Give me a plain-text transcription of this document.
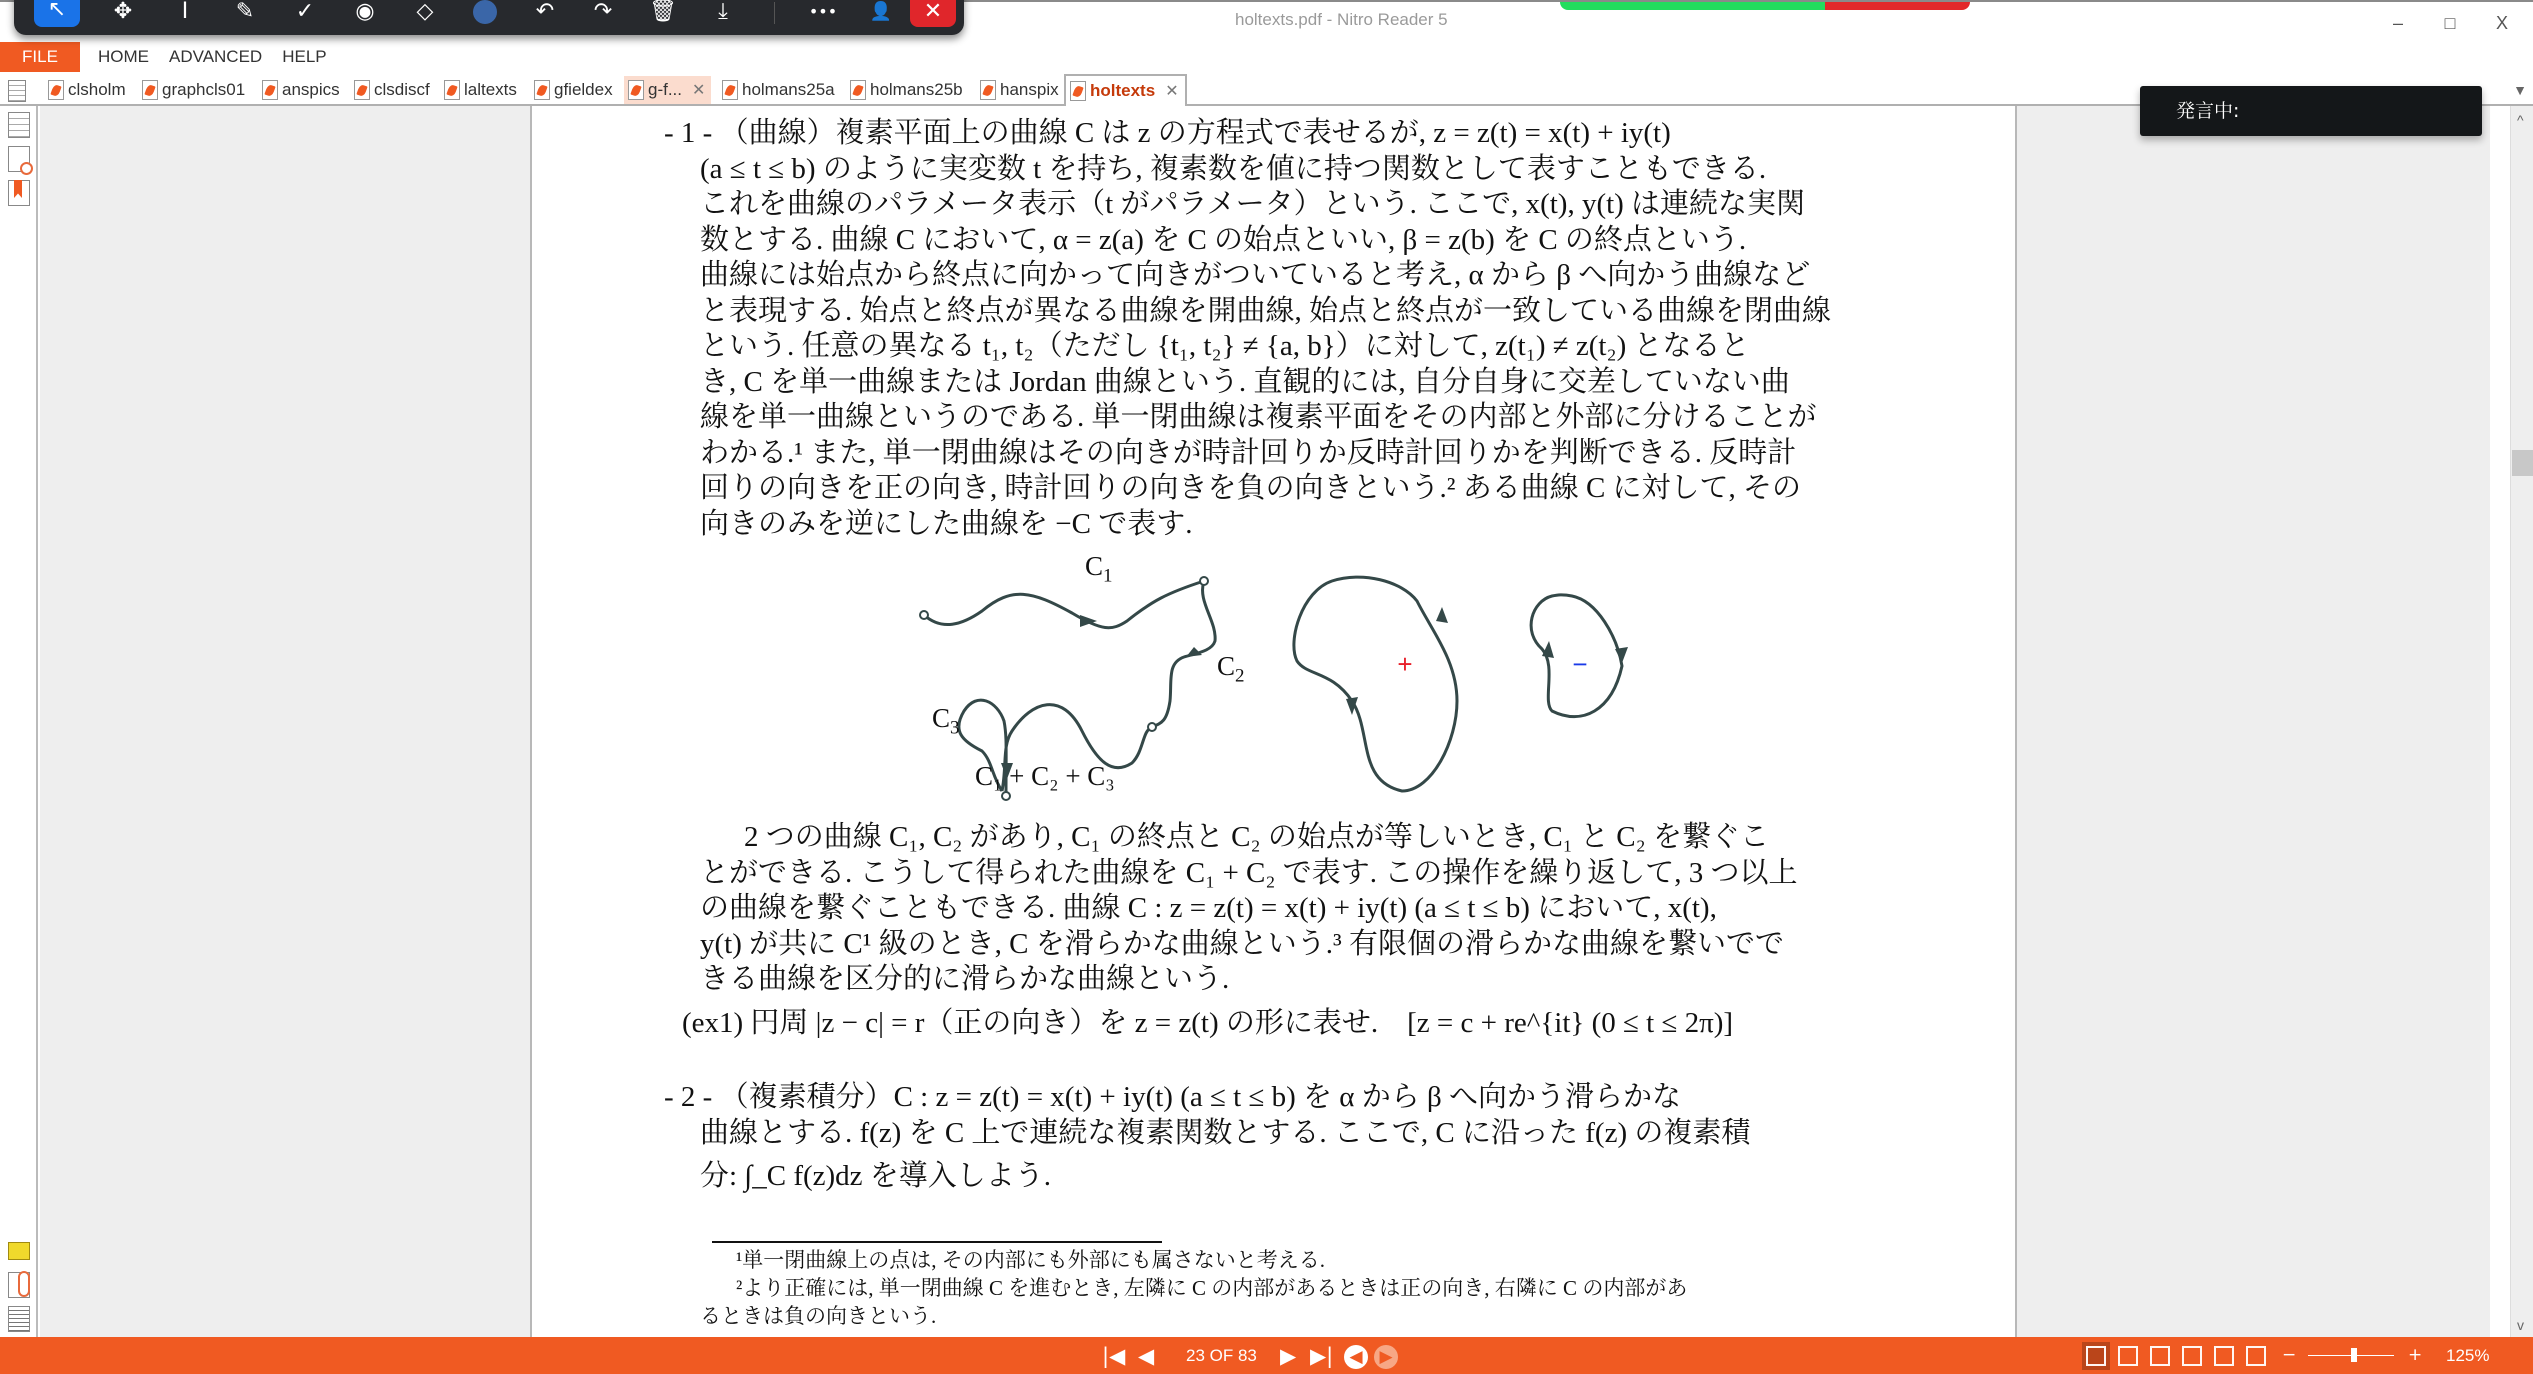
holtexts.pdf - Nitro Reader 5	–	□	X
FILE	HOME	ADVANCED	HELP
clsholm graphcls01 anspics clsdiscf laltexts gfieldex g-f... ✕ holmans25a holmans25b hanspix holtexts ✕	▼

- 1 - （曲線）複素平面上の曲線 C は z の方程式で表せるが, z = z(t) = x(t) + iy(t)

(a ≤ t ≤ b) のように実変数 t を持ち, 複素数を値に持つ関数として表すこともできる.

これを曲線のパラメータ表示（t がパラメータ）という. ここで, x(t), y(t) は連続な実関

数とする. 曲線 C において, α = z(a) を C の始点といい, β = z(b) を C の終点という.

曲線には始点から終点に向かって向きがついていると考え, α から β へ向かう曲線など

と表現する. 始点と終点が異なる曲線を開曲線, 始点と終点が一致している曲線を閉曲線

という. 任意の異なる t₁, t₂（ただし {t₁, t₂} ≠ {a, b}）に対して, z(t₁) ≠ z(t₂) となると

き, C を単一曲線または Jordan 曲線という. 直観的には, 自分自身に交差していない曲

線を単一曲線というのである. 単一閉曲線は複素平面をその内部と外部に分けることが

わかる.¹ また, 単一閉曲線はその向きが時計回りか反時計回りかを判断できる. 反時計

回りの向きを正の向き, 時計回りの向きを負の向きという.² ある曲線 C に対して, その

向きのみを逆にした曲線を −C で表す.

+	−
$C_1$
$C_2$
$C_3$
C₁ + C₂ + C₃

2 つの曲線 C₁, C₂ があり, C₁ の終点と C₂ の始点が等しいとき, C₁ と C₂ を繋ぐこ

とができる. こうして得られた曲線を C₁ + C₂ で表す. この操作を繰り返して, 3 つ以上

の曲線を繋ぐこともできる. 曲線 C : z = z(t) = x(t) + iy(t) (a ≤ t ≤ b) において, x(t),

y(t) が共に C¹ 級のとき, C を滑らかな曲線という.³ 有限個の滑らかな曲線を繋いでで

きる曲線を区分的に滑らかな曲線という.

(ex1) 円周 |z − c| = r（正の向き）を z = z(t) の形に表せ.　[z = c + re^{it} (0 ≤ t ≤ 2π)]

- 2 - （複素積分）C : z = z(t) = x(t) + iy(t) (a ≤ t ≤ b) を α から β へ向かう滑らかな

曲線とする. f(z) を C 上で連続な複素関数とする. ここで, C に沿った f(z) の複素積

分: ∫_C f(z)dz を導入しよう.

¹単一閉曲線上の点は, その内部にも外部にも属さないと考える.

²より正確には, 単一閉曲線 C を進むとき, 左隣に C の内部があるときは正の向き, 右隣に C の内部があ

るときは負の向きという.

^
v
発言中:
↖	✥	I	✎	✓	◉	◇	↶	↷	🗑	⤓	•••	👤	✕
|◀ ◀ 23 OF 83 ▶ ▶| ◀ ▶	−	+ 125%
